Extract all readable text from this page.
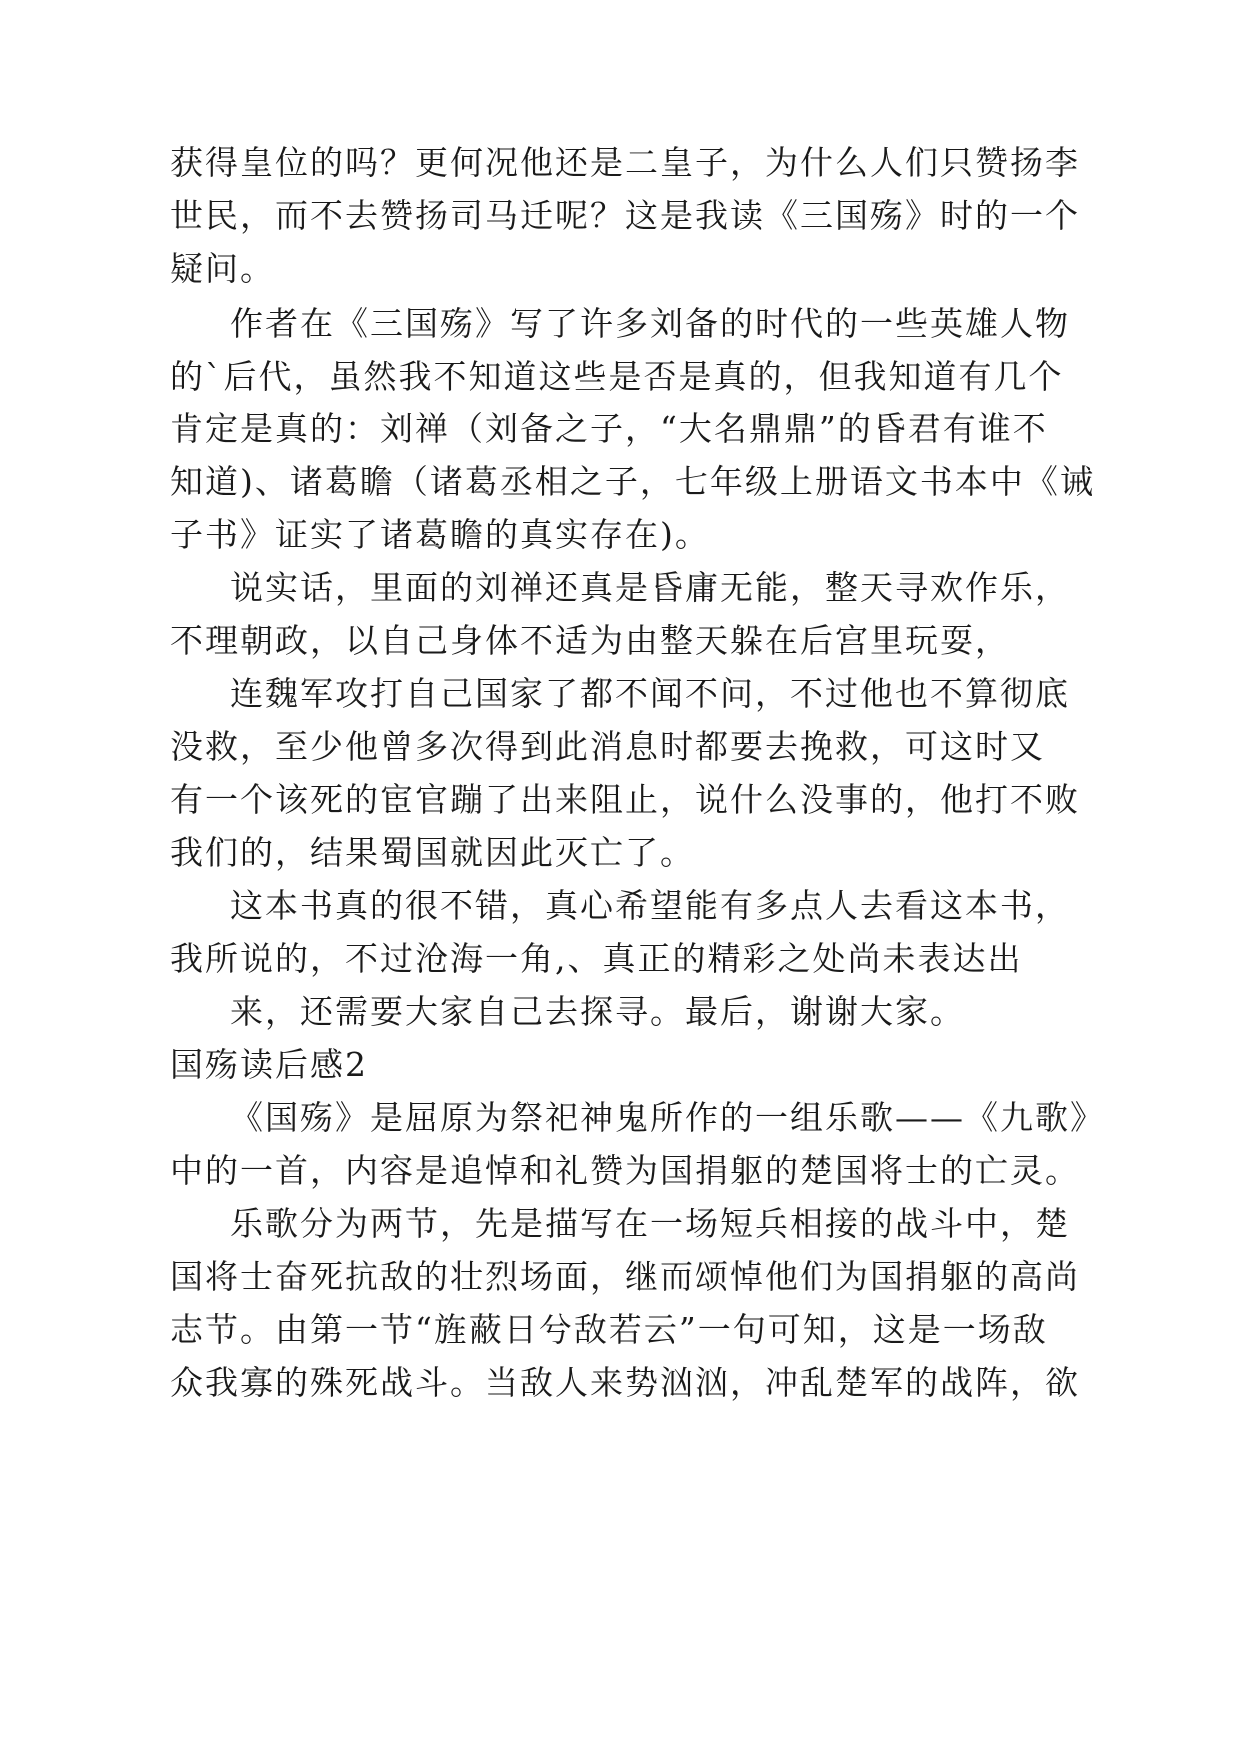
获得皇位的吗？更何况他还是二皇子，为什么人们只赞扬李
世民，而不去赞扬司马迁呢？这是我读《三国殇》时的一个
疑问。
作者在《三国殇》写了许多刘备的时代的一些英雄人物
的`后代，虽然我不知道这些是否是真的，但我知道有几个
肯定是真的：刘禅（刘备之子，“大名鼎鼎”的昏君有谁不
知道)、诸葛瞻（诸葛丞相之子，七年级上册语文书本中《诫
子书》证实了诸葛瞻的真实存在)。
说实话，里面的刘禅还真是昏庸无能，整天寻欢作乐，
不理朝政，以自己身体不适为由整天躲在后宫里玩耍，
连魏军攻打自己国家了都不闻不问，不过他也不算彻底
没救，至少他曾多次得到此消息时都要去挽救，可这时又
有一个该死的宦官蹦了出来阻止，说什么没事的，他打不败
我们的，结果蜀国就因此灭亡了。
这本书真的很不错，真心希望能有多点人去看这本书，
我所说的，不过沧海一角,、真正的精彩之处尚未表达出
来，还需要大家自己去探寻。最后，谢谢大家。
国殇读后感2
《国殇》是屈原为祭祀神鬼所作的一组乐歌——《九歌》
中的一首，内容是追悼和礼赞为国捐躯的楚国将士的亡灵。
乐歌分为两节，先是描写在一场短兵相接的战斗中，楚
国将士奋死抗敌的壮烈场面，继而颂悼他们为国捐躯的高尚
志节。由第一节“旌蔽日兮敌若云”一句可知，这是一场敌
众我寡的殊死战斗。当敌人来势汹汹，冲乱楚军的战阵，欲
